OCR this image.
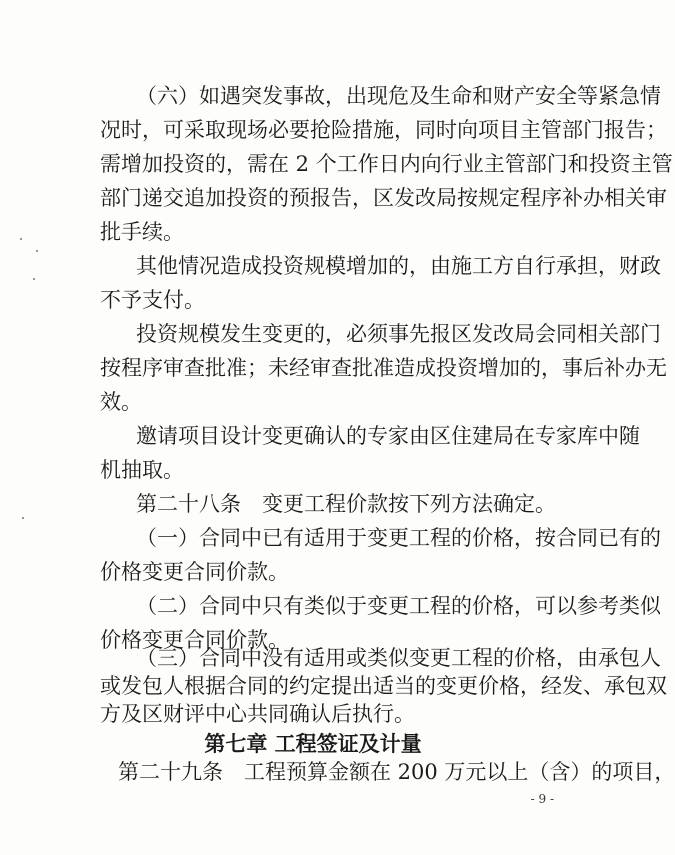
（六）如遇突发事故，出现危及生命和财产安全等紧急情
况时，可采取现场必要抢险措施，同时向项目主管部门报告；
需增加投资的，需在 2 个工作日内向行业主管部门和投资主管
部门递交追加投资的预报告，区发改局按规定程序补办相关审
批手续。
其他情况造成投资规模增加的，由施工方自行承担，财政
不予支付。
投资规模发生变更的，必须事先报区发改局会同相关部门
按程序审查批准；未经审查批准造成投资增加的，事后补办无
效。
邀请项目设计变更确认的专家由区住建局在专家库中随
机抽取。
第二十八条　变更工程价款按下列方法确定。
（一）合同中已有适用于变更工程的价格，按合同已有的
价格变更合同价款。
（二）合同中只有类似于变更工程的价格，可以参考类似
价格变更合同价款。
（三）合同中没有适用或类似变更工程的价格，由承包人
或发包人根据合同的约定提出适当的变更价格，经发、承包双
方及区财评中心共同确认后执行。
第七章 工程签证及计量
第二十九条　工程预算金额在 200 万元以上（含）的项目，
- 9 -
